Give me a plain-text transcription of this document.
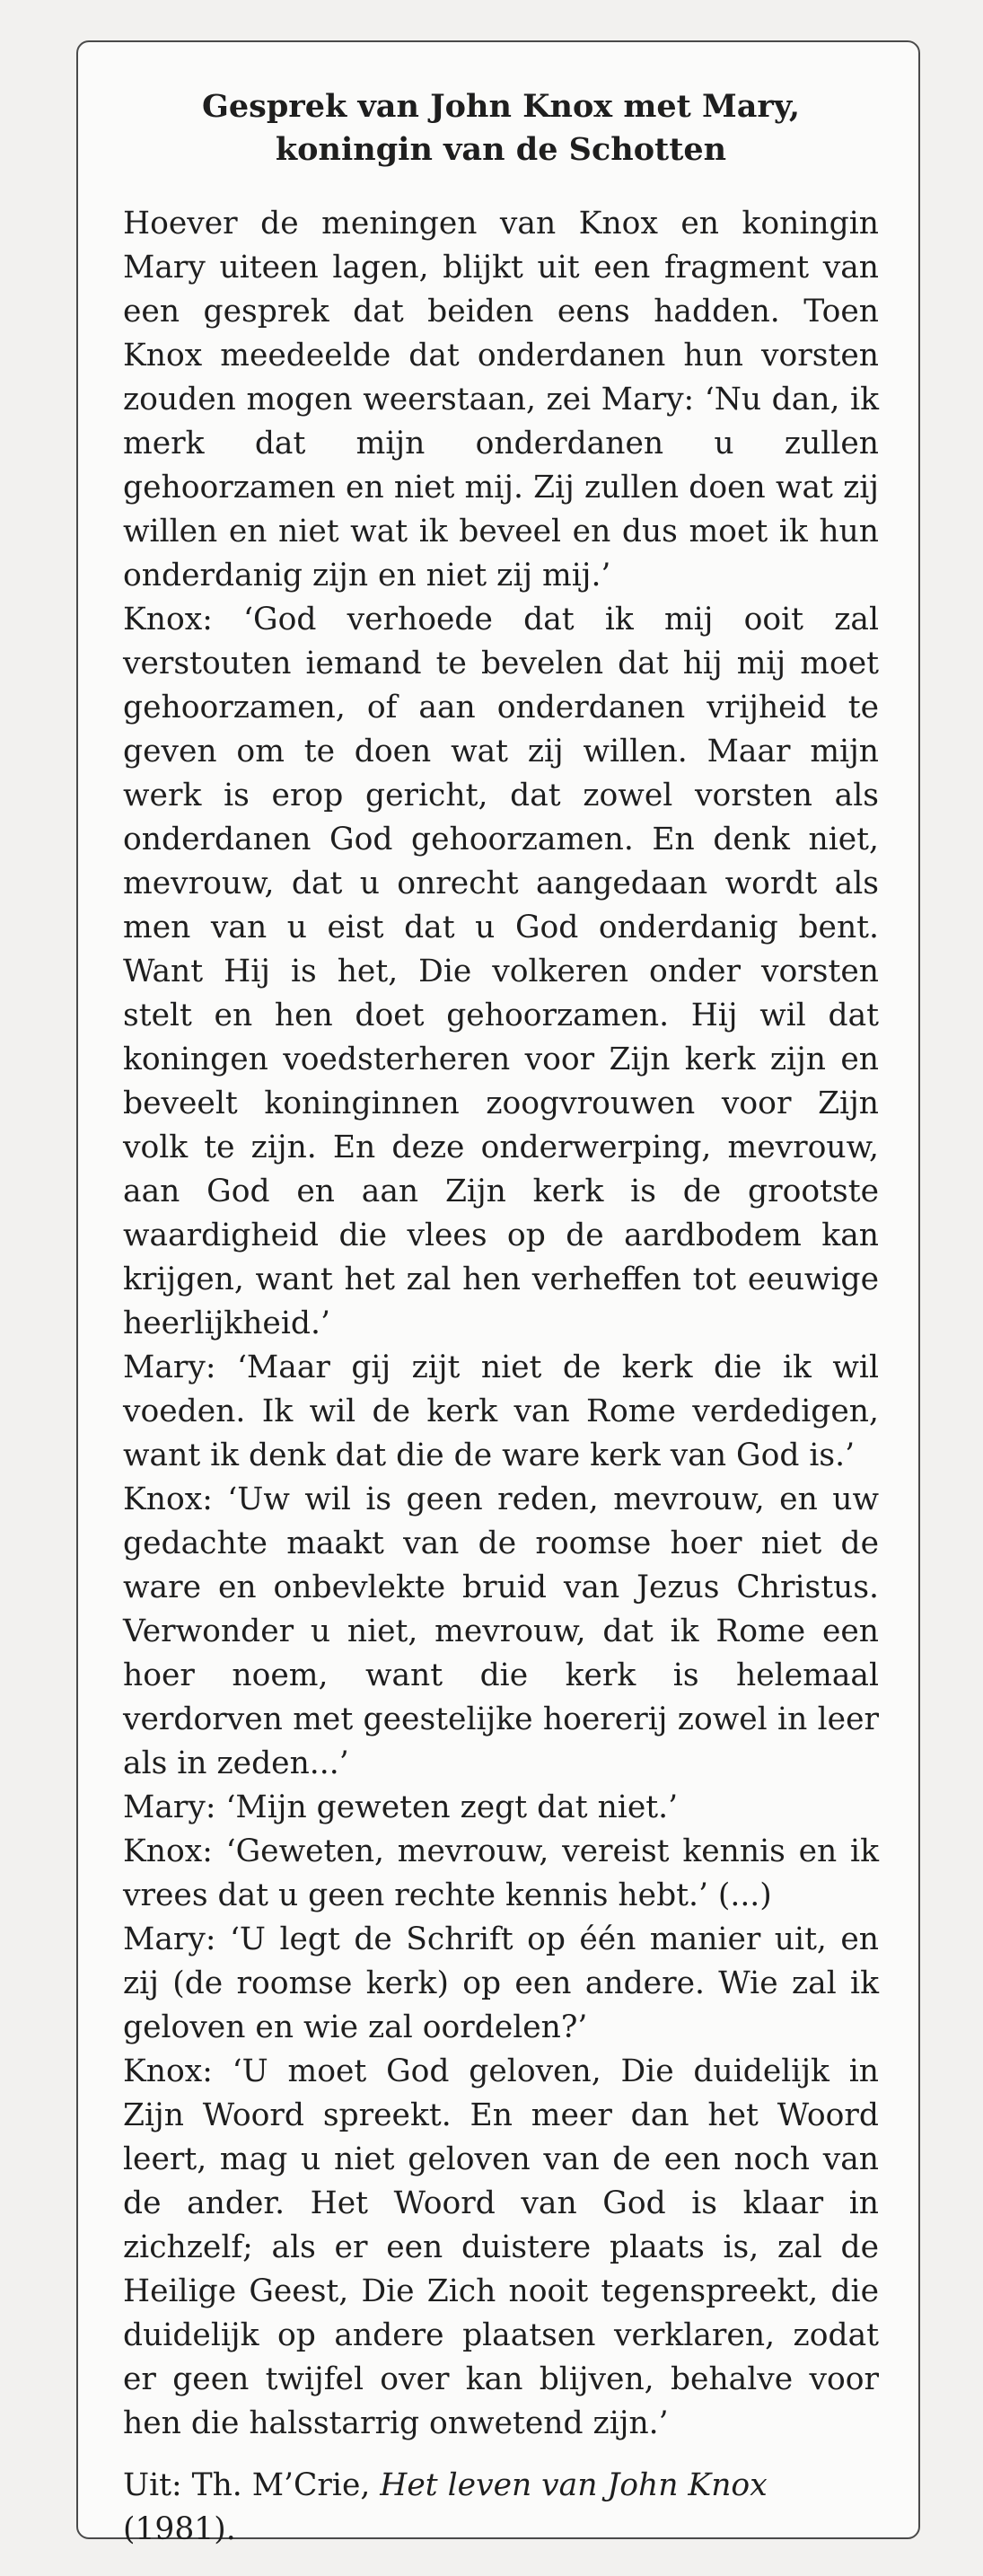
Gesprek van John Knox met Mary,
koningin van de Schotten

Hoever de meningen van Knox en koningin Mary uiteen lagen, blijkt uit een fragment van een gesprek dat beiden eens hadden. Toen Knox meedeelde dat onderdanen hun vorsten zouden mogen weerstaan, zei Mary: ‘Nu dan, ik merk dat mijn onderdanen u zullen gehoorzamen en niet mij. Zij zullen doen wat zij willen en niet wat ik beveel en dus moet ik hun onderdanig zijn en niet zij mij.’

Knox: ‘God verhoede dat ik mij ooit zal verstouten iemand te bevelen dat hij mij moet gehoorzamen, of aan onderdanen vrijheid te geven om te doen wat zij willen. Maar mijn werk is erop gericht, dat zowel vorsten als onderdanen God gehoorzamen. En denk niet, mevrouw, dat u onrecht aangedaan wordt als men van u eist dat u God onderdanig bent. Want Hij is het, Die volkeren onder vorsten stelt en hen doet gehoorzamen. Hij wil dat koningen voedsterheren voor Zijn kerk zijn en beveelt koninginnen zoogvrouwen voor Zijn volk te zijn. En deze onderwerping, mevrouw, aan God en aan Zijn kerk is de grootste waardigheid die vlees op de aardbodem kan krijgen, want het zal hen verheffen tot eeuwige heerlijkheid.’

Mary: ‘Maar gij zijt niet de kerk die ik wil voeden. Ik wil de kerk van Rome verdedigen, want ik denk dat die de ware kerk van God is.’

Knox: ‘Uw wil is geen reden, mevrouw, en uw gedachte maakt van de roomse hoer niet de ware en onbevlekte bruid van Jezus Christus. Verwonder u niet, mevrouw, dat ik Rome een hoer noem, want die kerk is helemaal verdorven met geestelijke hoererij zowel in leer als in zeden...’

Mary: ‘Mijn geweten zegt dat niet.’

Knox: ‘Geweten, mevrouw, vereist kennis en ik vrees dat u geen rechte kennis hebt.’ (...)

Mary: ‘U legt de Schrift op één manier uit, en zij (de roomse kerk) op een andere. Wie zal ik geloven en wie zal oordelen?’

Knox: ‘U moet God geloven, Die duidelijk in Zijn Woord spreekt. En meer dan het Woord leert, mag u niet geloven van de een noch van de ander. Het Woord van God is klaar in zichzelf; als er een duistere plaats is, zal de Heilige Geest, Die Zich nooit tegenspreekt, die duidelijk op andere plaatsen verklaren, zodat er geen twijfel over kan blijven, behalve voor hen die halsstarrig onwetend zijn.’

Uit: Th. M’Crie, Het leven van John Knox (1981).
